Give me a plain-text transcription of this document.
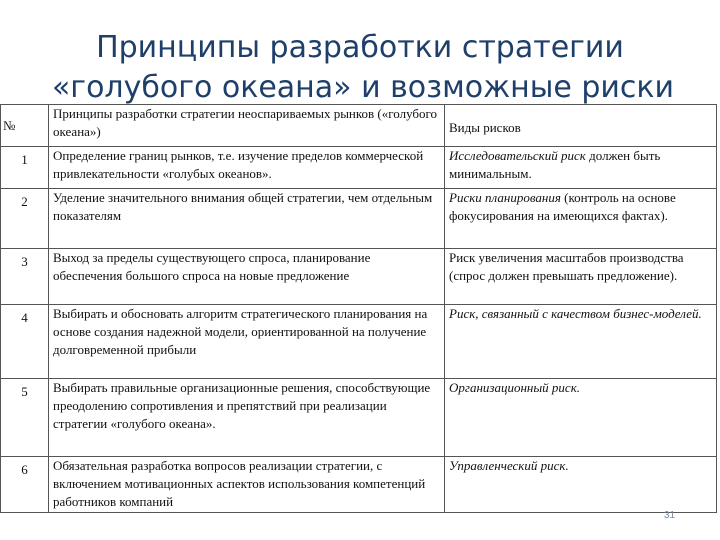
Принципы разработки стратегии
«голубого океана» и возможные риски
№	Принципы разработки стратегии неоспариваемых рынков («голубого океана»)	Виды рисков
1	Определение границ рынков, т.е. изучение пределов коммерческой привлекательности «голубых океанов».	Исследовательский риск должен быть минимальным.
2	Уделение значительного внимания общей стратегии, чем отдельным показателям	Риски планирования (контроль на основе фокусирования на имеющихся фактах).
3	Выход за пределы существующего спроса, планирование обеспечения большого спроса на новые предложение	Риск увеличения масштабов производства (спрос должен превышать предложение).
4	Выбирать и обосновать алгоритм стратегического планирования на основе создания надежной модели, ориентированной на получение долговременной прибыли	Риск, связанный с качеством бизнес-моделей.
5	Выбирать правильные организационные решения, способствующие преодолению сопротивления и препятствий при реализации стратегии «голубого океана».	Организационный риск.
6	Обязательная разработка вопросов реализации стратегии, с включением мотивационных аспектов использования компетенций работников компаний	Управленческий риск.
31
